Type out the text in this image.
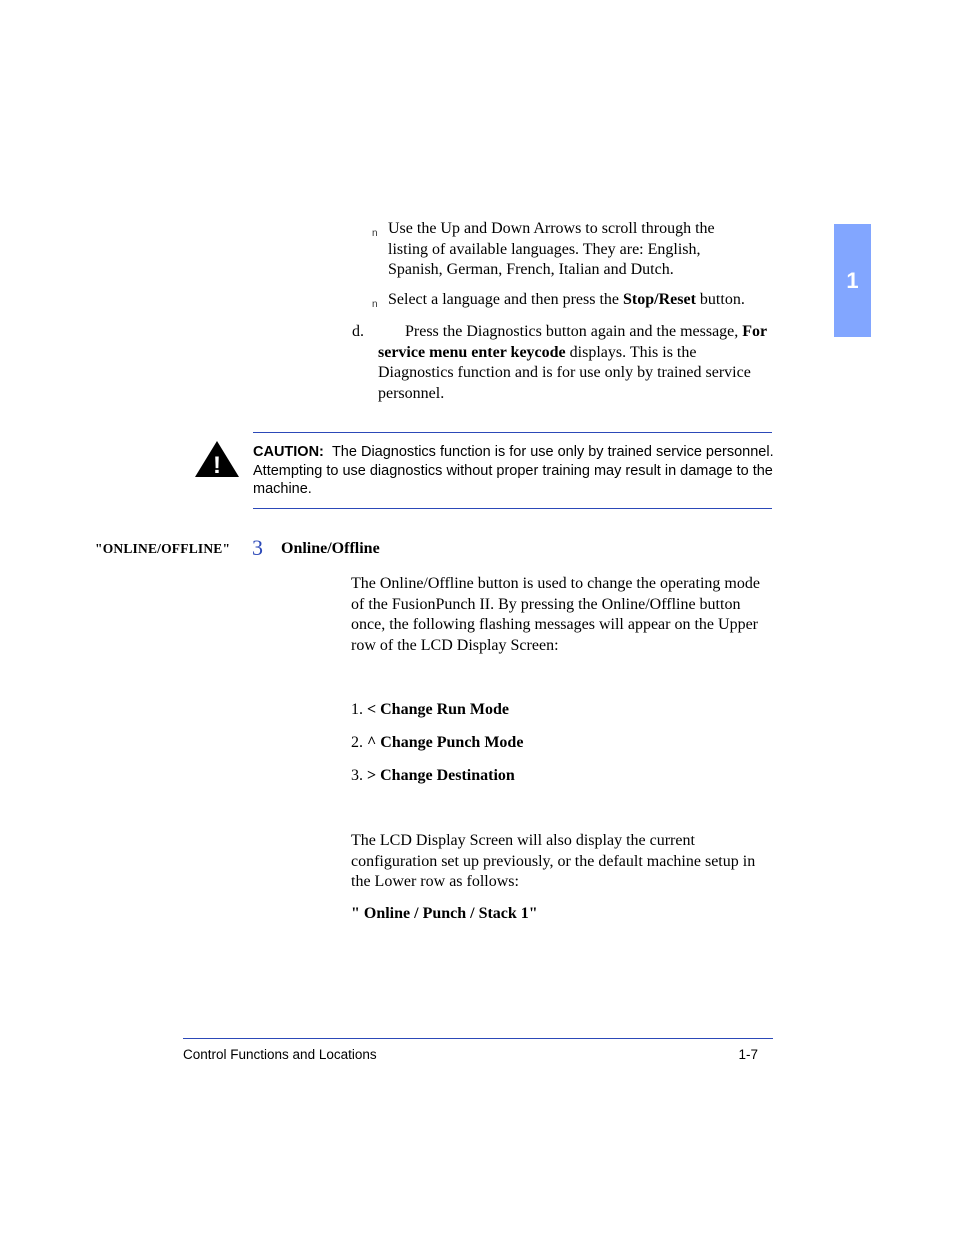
1
n Use the Up and Down Arrows to scroll through the listing of available languages. They are: English, Spanish, German, French, Italian and Dutch.
n Select a language and then press the Stop/Reset button.
d.	Press the Diagnostics button again and the message, For service menu enter keycode displays. This is the Diagnostics function and is for use only by trained service personnel.
! CAUTION: The Diagnostics function is for use only by trained service personnel. Attempting to use diagnostics without proper training may result in damage to the machine.
"ONLINE/OFFLINE" 3 Online/Offline
The Online/Offline button is used to change the operating mode of the FusionPunch II. By pressing the Online/Offline button once, the following flashing messages will appear on the Upper row of the LCD Display Screen:
1. < Change Run Mode
2. ^ Change Punch Mode
3. > Change Destination
The LCD Display Screen will also display the current configuration set up previously, or the default machine setup in the Lower row as follows:
" Online / Punch / Stack 1"
Control Functions and Locations	1-7
